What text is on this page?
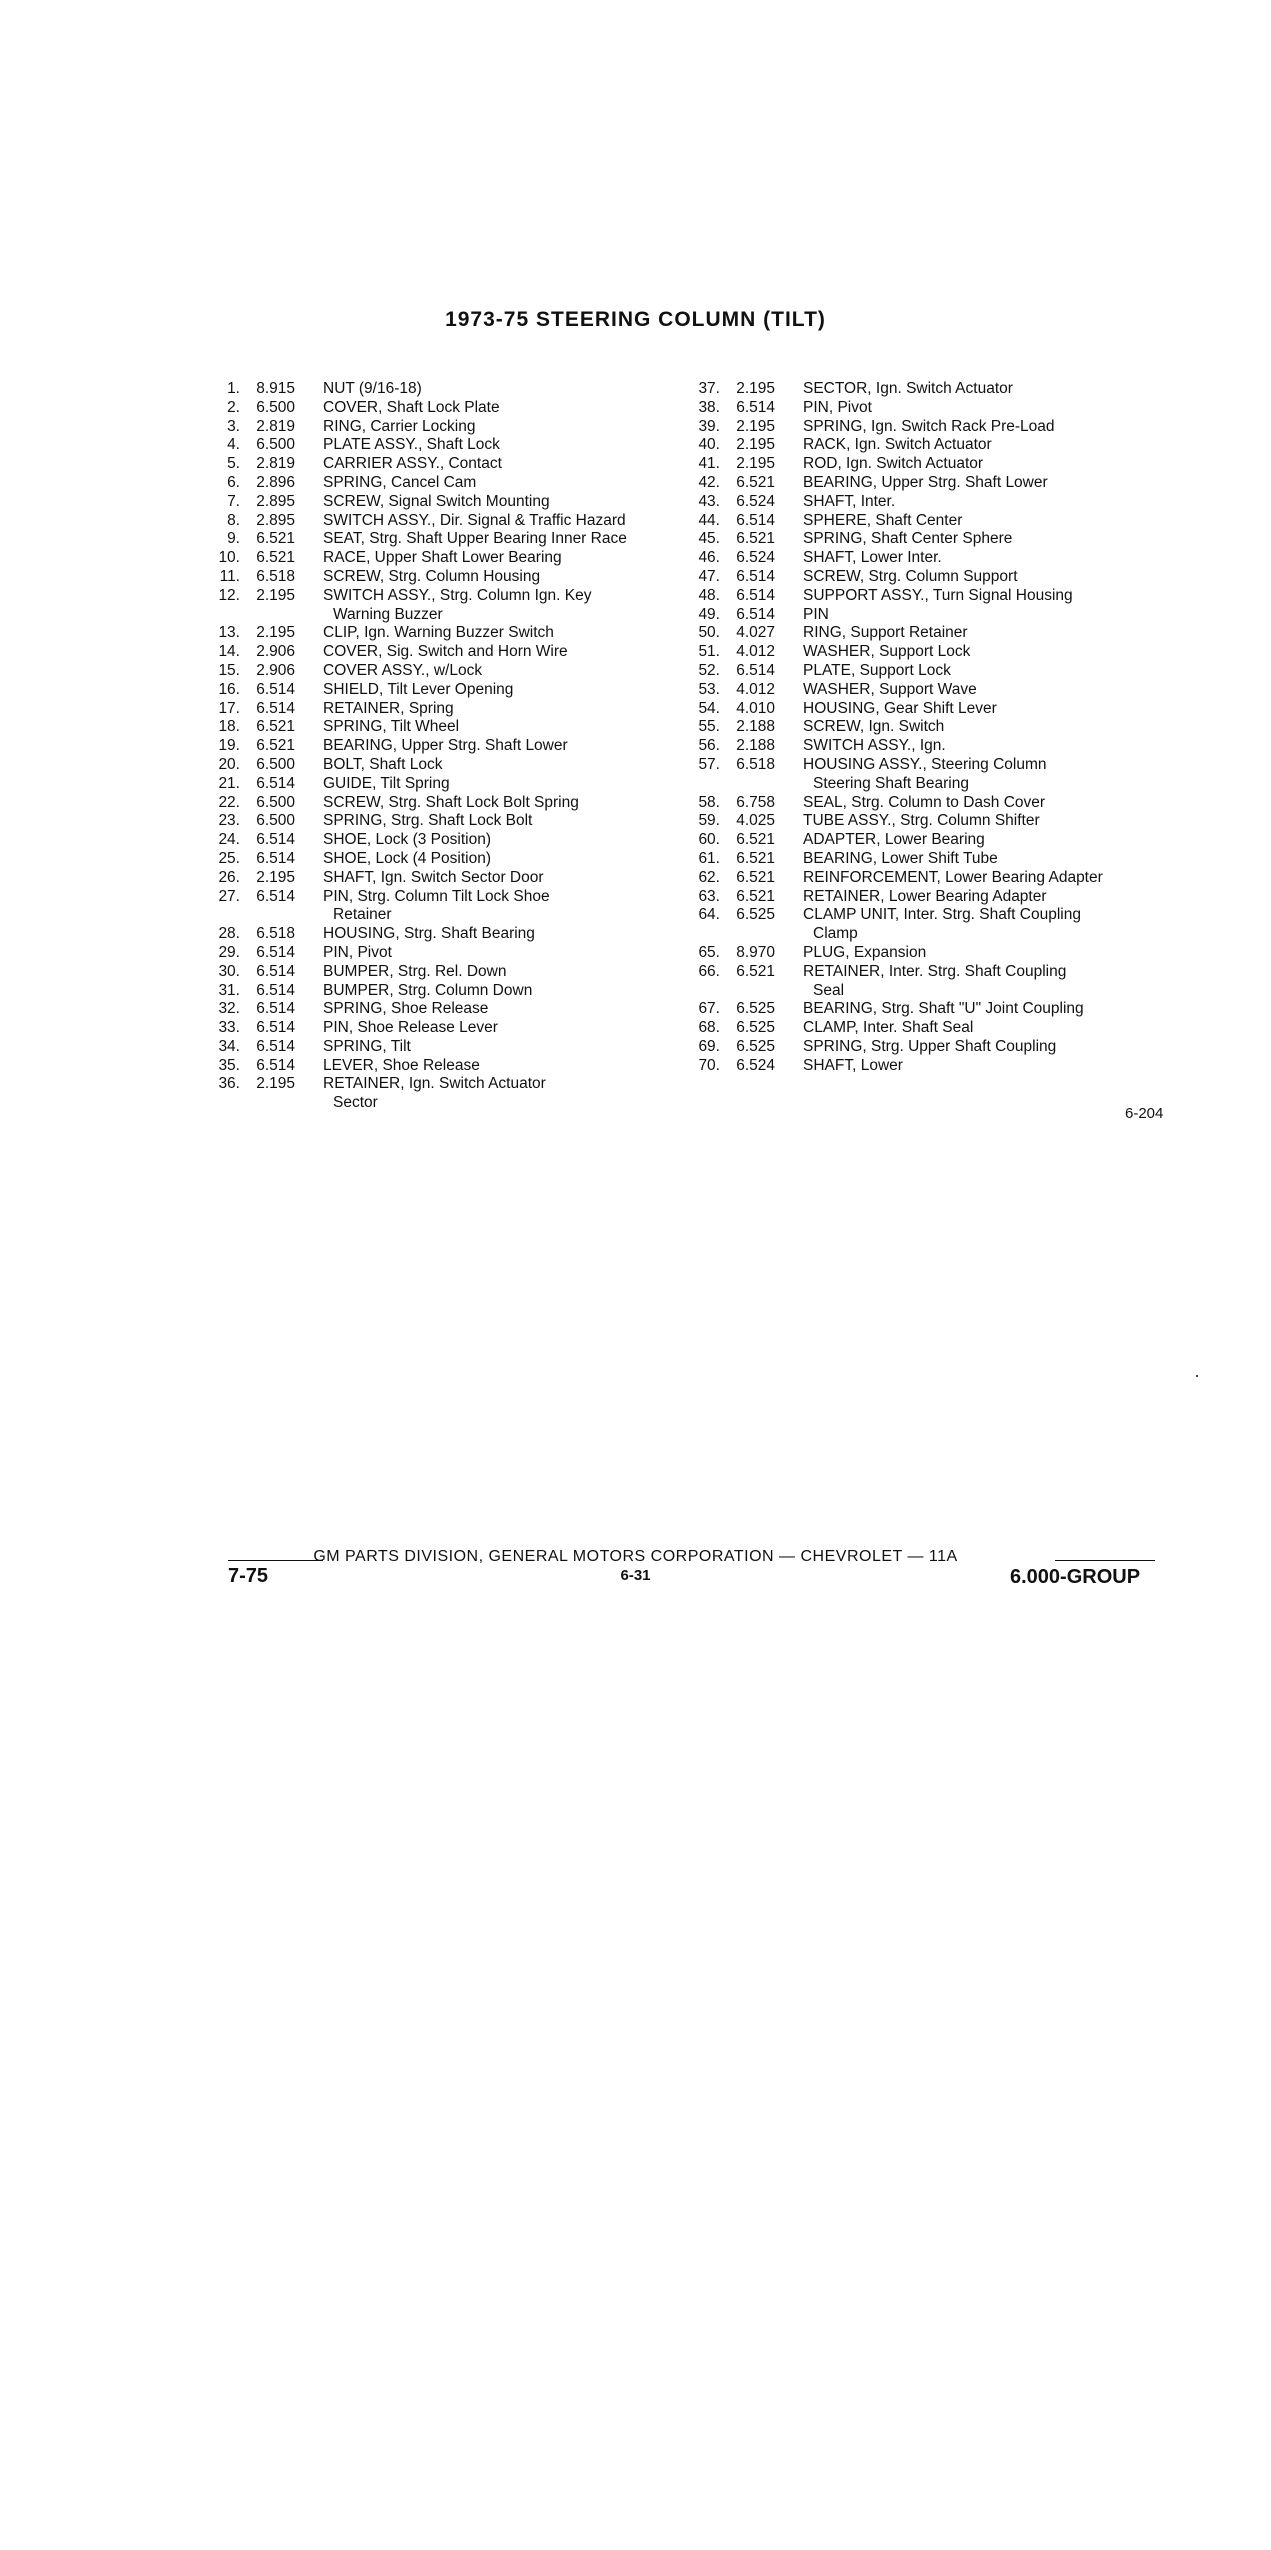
1973-75 STEERING COLUMN (TILT)
1.	8.915	NUT (9/16-18)
2.	6.500	COVER, Shaft Lock Plate
3.	2.819	RING, Carrier Locking
4.	6.500	PLATE ASSY., Shaft Lock
5.	2.819	CARRIER ASSY., Contact
6.	2.896	SPRING, Cancel Cam
7.	2.895	SCREW, Signal Switch Mounting
8.	2.895	SWITCH ASSY., Dir. Signal & Traffic Hazard
9.	6.521	SEAT, Strg. Shaft Upper Bearing Inner Race
10.	6.521	RACE, Upper Shaft Lower Bearing
11.	6.518	SCREW, Strg. Column Housing
12.	2.195	SWITCH ASSY., Strg. Column Ign. Key
Warning Buzzer
13.	2.195	CLIP, Ign. Warning Buzzer Switch
14.	2.906	COVER, Sig. Switch and Horn Wire
15.	2.906	COVER ASSY., w/Lock
16.	6.514	SHIELD, Tilt Lever Opening
17.	6.514	RETAINER, Spring
18.	6.521	SPRING, Tilt Wheel
19.	6.521	BEARING, Upper Strg. Shaft Lower
20.	6.500	BOLT, Shaft Lock
21.	6.514	GUIDE, Tilt Spring
22.	6.500	SCREW, Strg. Shaft Lock Bolt Spring
23.	6.500	SPRING, Strg. Shaft Lock Bolt
24.	6.514	SHOE, Lock (3 Position)
25.	6.514	SHOE, Lock (4 Position)
26.	2.195	SHAFT, Ign. Switch Sector Door
27.	6.514	PIN, Strg. Column Tilt Lock Shoe
Retainer
28.	6.518	HOUSING, Strg. Shaft Bearing
29.	6.514	PIN, Pivot
30.	6.514	BUMPER, Strg. Rel. Down
31.	6.514	BUMPER, Strg. Column Down
32.	6.514	SPRING, Shoe Release
33.	6.514	PIN, Shoe Release Lever
34.	6.514	SPRING, Tilt
35.	6.514	LEVER, Shoe Release
36.	2.195	RETAINER, Ign. Switch Actuator
Sector
37.	2.195	SECTOR, Ign. Switch Actuator
38.	6.514	PIN, Pivot
39.	2.195	SPRING, Ign. Switch Rack Pre-Load
40.	2.195	RACK, Ign. Switch Actuator
41.	2.195	ROD, Ign. Switch Actuator
42.	6.521	BEARING, Upper Strg. Shaft Lower
43.	6.524	SHAFT, Inter.
44.	6.514	SPHERE, Shaft Center
45.	6.521	SPRING, Shaft Center Sphere
46.	6.524	SHAFT, Lower Inter.
47.	6.514	SCREW, Strg. Column Support
48.	6.514	SUPPORT ASSY., Turn Signal Housing
49.	6.514	PIN
50.	4.027	RING, Support Retainer
51.	4.012	WASHER, Support Lock
52.	6.514	PLATE, Support Lock
53.	4.012	WASHER, Support Wave
54.	4.010	HOUSING, Gear Shift Lever
55.	2.188	SCREW, Ign. Switch
56.	2.188	SWITCH ASSY., Ign.
57.	6.518	HOUSING ASSY., Steering Column
Steering Shaft Bearing
58.	6.758	SEAL, Strg. Column to Dash Cover
59.	4.025	TUBE ASSY., Strg. Column Shifter
60.	6.521	ADAPTER, Lower Bearing
61.	6.521	BEARING, Lower Shift Tube
62.	6.521	REINFORCEMENT, Lower Bearing Adapter
63.	6.521	RETAINER, Lower Bearing Adapter
64.	6.525	CLAMP UNIT, Inter. Strg. Shaft Coupling
Clamp
65.	8.970	PLUG, Expansion
66.	6.521	RETAINER, Inter. Strg. Shaft Coupling
Seal
67.	6.525	BEARING, Strg. Shaft "U" Joint Coupling
68.	6.525	CLAMP, Inter. Shaft Seal
69.	6.525	SPRING, Strg. Upper Shaft Coupling
70.	6.524	SHAFT, Lower
6-204
7-75
GM PARTS DIVISION, GENERAL MOTORS CORPORATION — CHEVROLET — 11A
6-31	6.000-GROUP
